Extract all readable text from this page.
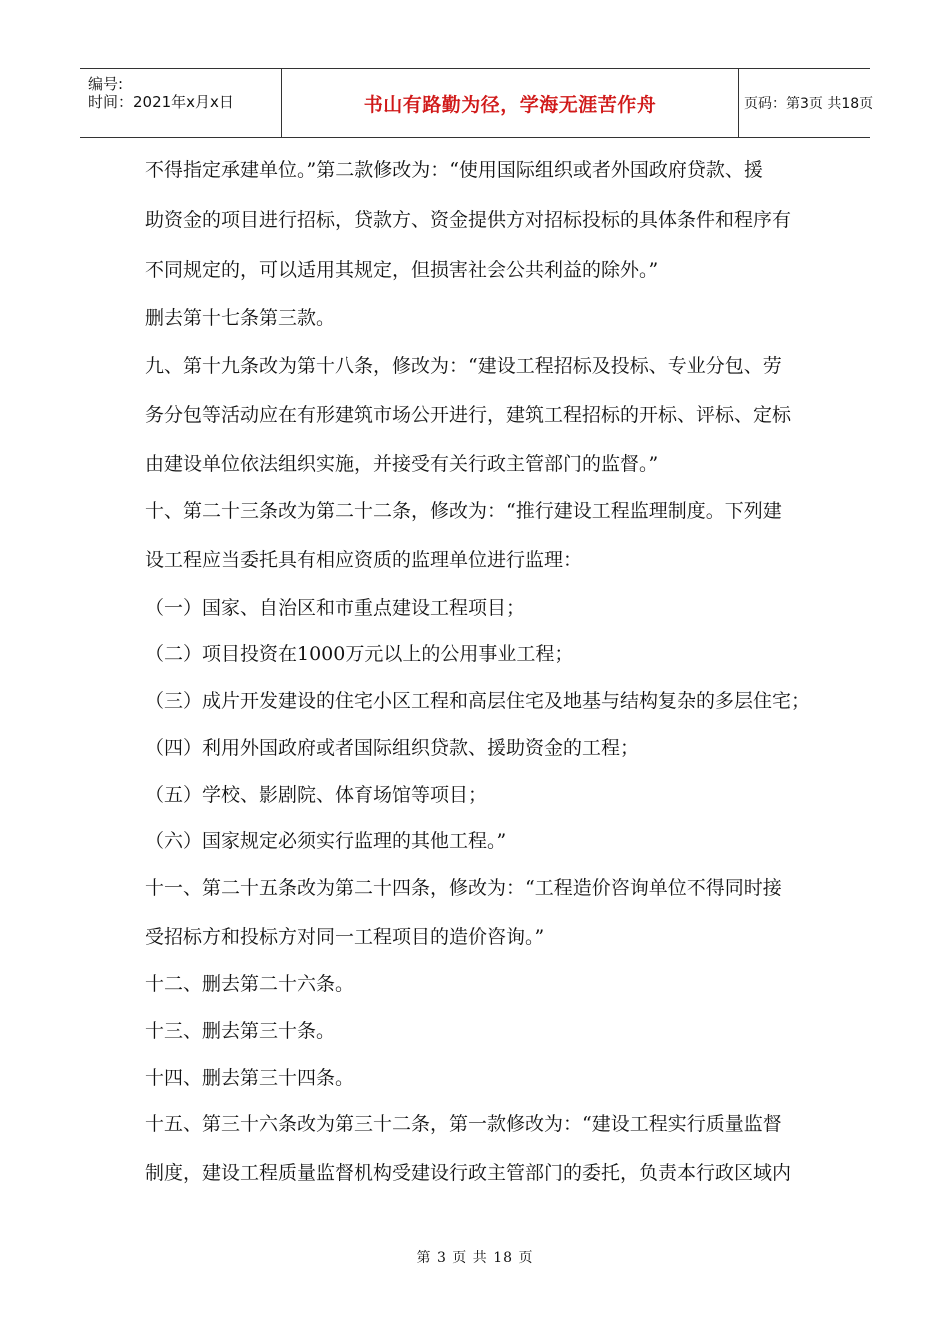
编号:
时间：2021年x月x日	书山有路勤为径，学海无涯苦作舟	页码：第3页 共18页
不得指定承建单位。”第二款修改为：“使用国际组织或者外国政府贷款、援
助资金的项目进行招标，贷款方、资金提供方对招标投标的具体条件和程序有
不同规定的，可以适用其规定，但损害社会公共利益的除外。”
删去第十七条第三款。
九、第十九条改为第十八条，修改为：“建设工程招标及投标、专业分包、劳
务分包等活动应在有形建筑市场公开进行，建筑工程招标的开标、评标、定标
由建设单位依法组织实施，并接受有关行政主管部门的监督。”
十、第二十三条改为第二十二条，修改为：“推行建设工程监理制度。下列建
设工程应当委托具有相应资质的监理单位进行监理：
（一）国家、自治区和市重点建设工程项目；
（二）项目投资在1000万元以上的公用事业工程；
（三）成片开发建设的住宅小区工程和高层住宅及地基与结构复杂的多层住宅；
（四）利用外国政府或者国际组织贷款、援助资金的工程；
（五）学校、影剧院、体育场馆等项目；
（六）国家规定必须实行监理的其他工程。”
十一、第二十五条改为第二十四条，修改为：“工程造价咨询单位不得同时接
受招标方和投标方对同一工程项目的造价咨询。”
十二、删去第二十六条。
十三、删去第三十条。
十四、删去第三十四条。
十五、第三十六条改为第三十二条，第一款修改为：“建设工程实行质量监督
制度，建设工程质量监督机构受建设行政主管部门的委托，负责本行政区域内
第 3 页 共 18 页
